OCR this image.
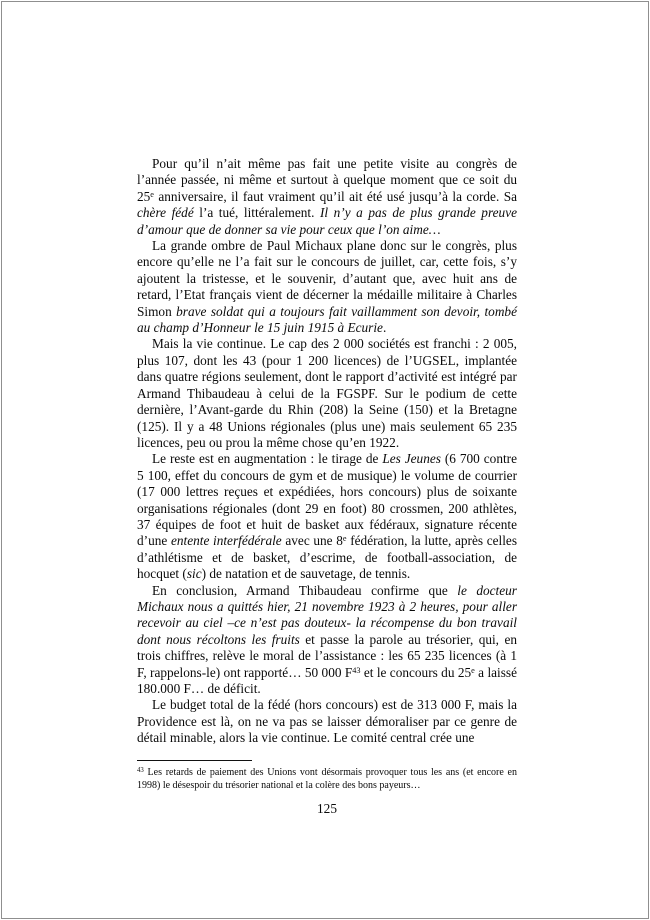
Pour qu’il n’ait même pas fait une petite visite au congrès de l’année passée, ni même et surtout à quelque moment que ce soit du 25e anniversaire, il faut vraiment qu’il ait été usé jusqu’à la corde. Sa chère fédé l’a tué, littéralement. Il n’y a pas de plus grande preuve d’amour que de donner sa vie pour ceux que l’on aime…

La grande ombre de Paul Michaux plane donc sur le congrès, plus encore qu’elle ne l’a fait sur le concours de juillet, car, cette fois, s’y ajoutent la tristesse, et le souvenir, d’autant que, avec huit ans de retard, l’Etat français vient de décerner la médaille militaire à Charles Simon brave soldat qui a toujours fait vaillamment son devoir, tombé au champ d’Honneur le 15 juin 1915 à Ecurie.

Mais la vie continue. Le cap des 2 000 sociétés est franchi : 2 005, plus 107, dont les 43 (pour 1 200 licences) de l’UGSEL, implantée dans quatre régions seulement, dont le rapport d’activité est intégré par Armand Thibaudeau à celui de la FGSPF. Sur le podium de cette dernière, l’Avant-garde du Rhin (208) la Seine (150) et la Bretagne (125). Il y a 48 Unions régionales (plus une) mais seulement 65 235 licences, peu ou prou la même chose qu’en 1922.

Le reste est en augmentation : le tirage de Les Jeunes (6 700 contre 5 100, effet du concours de gym et de musique) le volume de courrier (17 000 lettres reçues et expédiées, hors concours) plus de soixante organisations régionales (dont 29 en foot) 80 crossmen, 200 athlètes, 37 équipes de foot et huit de basket aux fédéraux, signature récente d’une entente interfédérale avec une 8e fédération, la lutte, après celles d’athlétisme et de basket, d’escrime, de football-association, de hocquet (sic) de natation et de sauvetage, de tennis.

En conclusion, Armand Thibaudeau confirme que le docteur Michaux nous a quittés hier, 21 novembre 1923 à 2 heures, pour aller recevoir au ciel –ce n’est pas douteux- la récompense du bon travail dont nous récoltons les fruits et passe la parole au trésorier, qui, en trois chiffres, relève le moral de l’assistance : les 65 235 licences (à 1 F, rappelons-le) ont rapporté… 50 000 F$^{43}$ et le concours du 25e a laissé 180.000 F… de déficit.

Le budget total de la fédé (hors concours) est de 313 000 F, mais la Providence est là, on ne va pas se laisser démoraliser par ce genre de détail minable, alors la vie continue. Le comité central crée une

$^{43}$ Les retards de paiement des Unions vont désormais provoquer tous les ans (et encore en 1998) le désespoir du trésorier national et la colère des bons payeurs…

125
